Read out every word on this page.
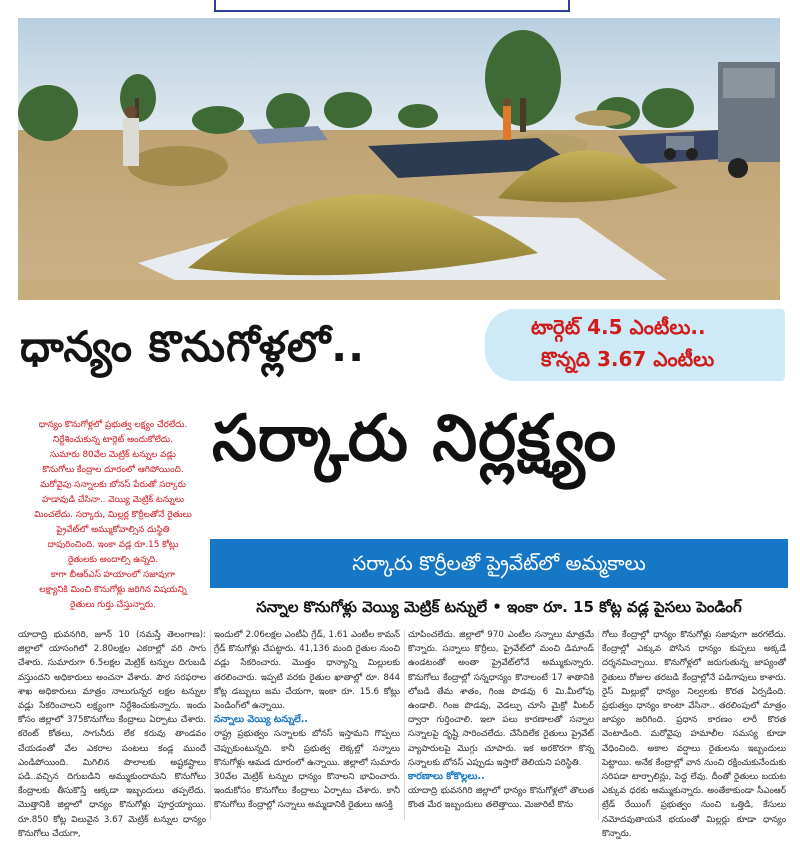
ధాన్యం కొనుగోళ్లలో..	టార్గెట్ 4.5 ఎంటీలు..
కొన్నది 3.67 ఎంటీలు

ధాన్యం కొనుగోళ్లలో ప్రభుత్వ లక్ష్యం చేరలేదు.

నిర్దేశించుకున్న టార్గెట్ అందుకోలేదు.

సుమారు 80వేల మెట్రిక్ టన్నుల వడ్లు

కొనుగోలు కేంద్రాల దూరంలో ఆగిపోయింది.

మరోవైపు సన్నాలకు బోనస్ పేరుతో సర్కారు

హడావుడి చేసినా.. వెయ్యి మెట్రిక్ టన్నులు

మించలేదు. సర్కారు, మిల్లర్ల కొర్రీలతోనే రైతులు

ప్రైవేట్‌లో అమ్ముకోవాల్సిన దుస్థితి

దాపురించింది. ఇంకా వడ్ల రూ.15 కోట్లు

రైతులకు అందాల్సి ఉన్నది.

కాగా బీఆర్ఎస్ హయాంలో సజావుగా

లక్ష్యానికి మించి కొనుగోళ్లు జరిగిన విషయన్ని

రైతులు గుర్తు చేస్తున్నారు.

సర్కారు నిర్లక్ష్యం
సర్కారు కొర్రీలతో ప్రైవేట్‌లో అమ్మకాలు
సన్నాల కొనుగోళ్లు వెయ్యి మెట్రిక్ టన్నులే • ఇంకా రూ. 15 కోట్ల వడ్ల పైసలు పెండింగ్

యాదాద్రి భువనగిరి, జూన్ 10 (నమస్తే తెలంగాణ): జిల్లాలో యాసంగిలో 2.80లక్షల ఎకరాల్లో వరి సాగు చేశారు. సుమారుగా 6.5లక్షల మెట్రిక్ టన్నుల దిగుబడి వస్తుందని అధికారులు అంచనా వేశారు. పౌర సరఫరాల శాఖ అధికారులు మాత్రం నాలుగున్నర లక్షల టన్నుల వడ్లు సేకరించాలని లక్ష్యంగా నిర్దేశించుకున్నారు. ఇందు కోసం జిల్లాలో 375కొనుగోలు కేంద్రాలు ఏర్పాటు చేశారు. కరెంట్ కోతలు, సాగునీరు లేక కరువు తాండవం చేయడంతో వేల ఎకరాల పంటలు కండ్ల ముందే ఎండిపోయింది. మిగిలిన పొలాలకు అష్టకష్టాలు పడి..వచ్చిన దిగుబడిని అమ్ముకుందామని కొనుగోలు కేంద్రాలకు తీసుకొస్తే ఆక్కడా ఇబ్బందులు తప్పలేదు. మొత్తానికి జిల్లాలో ధాన్యం కొనుగోళ్లు పూర్తయ్యాయి. రూ.850 కోట్ల విలువైన 3.67 మెట్రిక్ టన్నుల ధాన్యం కొనుగోలు చేయగా,

ఇందులో 2.06లక్షల ఎంటీఏ గ్రేడ్, 1.61 ఎంటీల కామన్ గ్రేడ్ కొనుగోళ్లు చేపట్టారు. 41,136 మంది రైతుల నుంచి వడ్లు సేకరించారు. మొత్తం ధాన్యాన్ని మిల్లులకు తరలించారు. ఇప్పటి వరకు రైతుల ఖాతాల్లో రూ. 844 కోట్ల డబ్బులు జమ చేయగా, ఇంకా రూ. 15.6 కోట్లు పెండింగ్‌లో ఉన్నాయి.

సన్నాలు వెయ్యి టన్నులే..

రాష్ట్ర ప్రభుత్వం సన్నాలకు బోనస్ ఇస్తామని గొప్పలు చెప్పుకుంటున్నది. కానీ ప్రభుత్వ లెక్కల్లో సన్నాలు కొనుగోళ్లు ఆమడ దూరంలో ఉన్నాయి. జిల్లాలో సుమారు 30వేల మెట్రిక్ టన్నుల ధాన్యం కొనాలని భావించారు. ఇందుకోసం కొనుగోలు కేంద్రాలు ఏర్పాటు చేశారు. కానీ కొనుగోలు కేంద్రాల్లో సన్నాలు అమ్మడానికి రైతులు ఆసక్తి

చూపించలేదు. జిల్లాలో 970 ఎంటీల సన్నాలు మాత్రమే కొన్నారు. సన్నాలు కొర్రీలు, ప్రైవేట్‌లో మంచి డిమాండ్ ఉండటంతో అంతా ప్రైవేట్‌లోనే అమ్ముకున్నారు. కొనుగోలు కేంద్రాల్లో సన్నధాన్యం కొనాలంటే 17 శాతానికి లోబడి తేమ శాతం, గింజ పొడవు 6 మి.మీలోపు ఉండాలి. గింజ పొడవు, వెడల్పు చూసి మైక్రో మీటర్ ద్వారా గుర్తించాలి. ఇలా పలు కారణాలతో సన్నాల సన్నాలపై దృష్టి సారించలేదు. చేసేదిలేక రైతులు ప్రైవేట్ వ్యాపారులపై మొగ్గు చూపారు. ఇక అరకొరగా కొన్న సన్నాలకు బోనస్ ఎప్పుడు ఇస్తారో తెలియని పరిస్థితి.

కారణాలు కోకొల్లలు..

యాదాద్రి భువనగిరి జిల్లాలో ధాన్యం కొనుగోళ్లలో తొలుత కొంత మేర ఇబ్బందులు తలెత్తాయి. మెజారిటీ కొను

గోలు కేంద్రాల్లో ధాన్యం కొనుగోళ్లు సజావుగా జరగలేదు. కేంద్రాల్లో ఎక్కువ పోసిన ధాన్యం కుప్పలు అక్కడే దర్శనమిచ్చాయి. కొనుగోళ్లలో జరుగుతున్న జాప్యంతో రైతులు రోజుల తరబడి కేంద్రాల్లోనే పడిగాపులు కాశారు. రైస్ మిల్లుల్లో ధాన్యం నిల్వలకు కొరత ఏర్పడింది. ప్రభుత్వం ధాన్యం కాంటా వేసినా.. తరలింపులో మాత్రం జాప్యం జరిగింది. ప్రధాన కారణం లారీ కొరత వెంటాడింది. మరోవైపు హమాలీల సమస్య కూడా వేధించింది. అకాల వర్షాలు రైతులను ఇబ్బందులు పెట్టాయి. అనేక కేంద్రాల్లో వాన నుంచి రక్షించుకునేందుకు సరిపడా టార్పాలిన్లు, పెద్ద లేవు. దీంతో రైతులు బయట ఎక్కువ ధరకు అమ్ముకున్నారు. అంతేకాకుండా సీఎంఆర్ ట్రేడ్ రేయింగ్ ప్రభుత్వం నుంచి ఒత్తిడి, కేసులు నమోదవుతాయనే భయంతో మిల్లర్లు కూడా ధాన్యం కొన్నారు.
